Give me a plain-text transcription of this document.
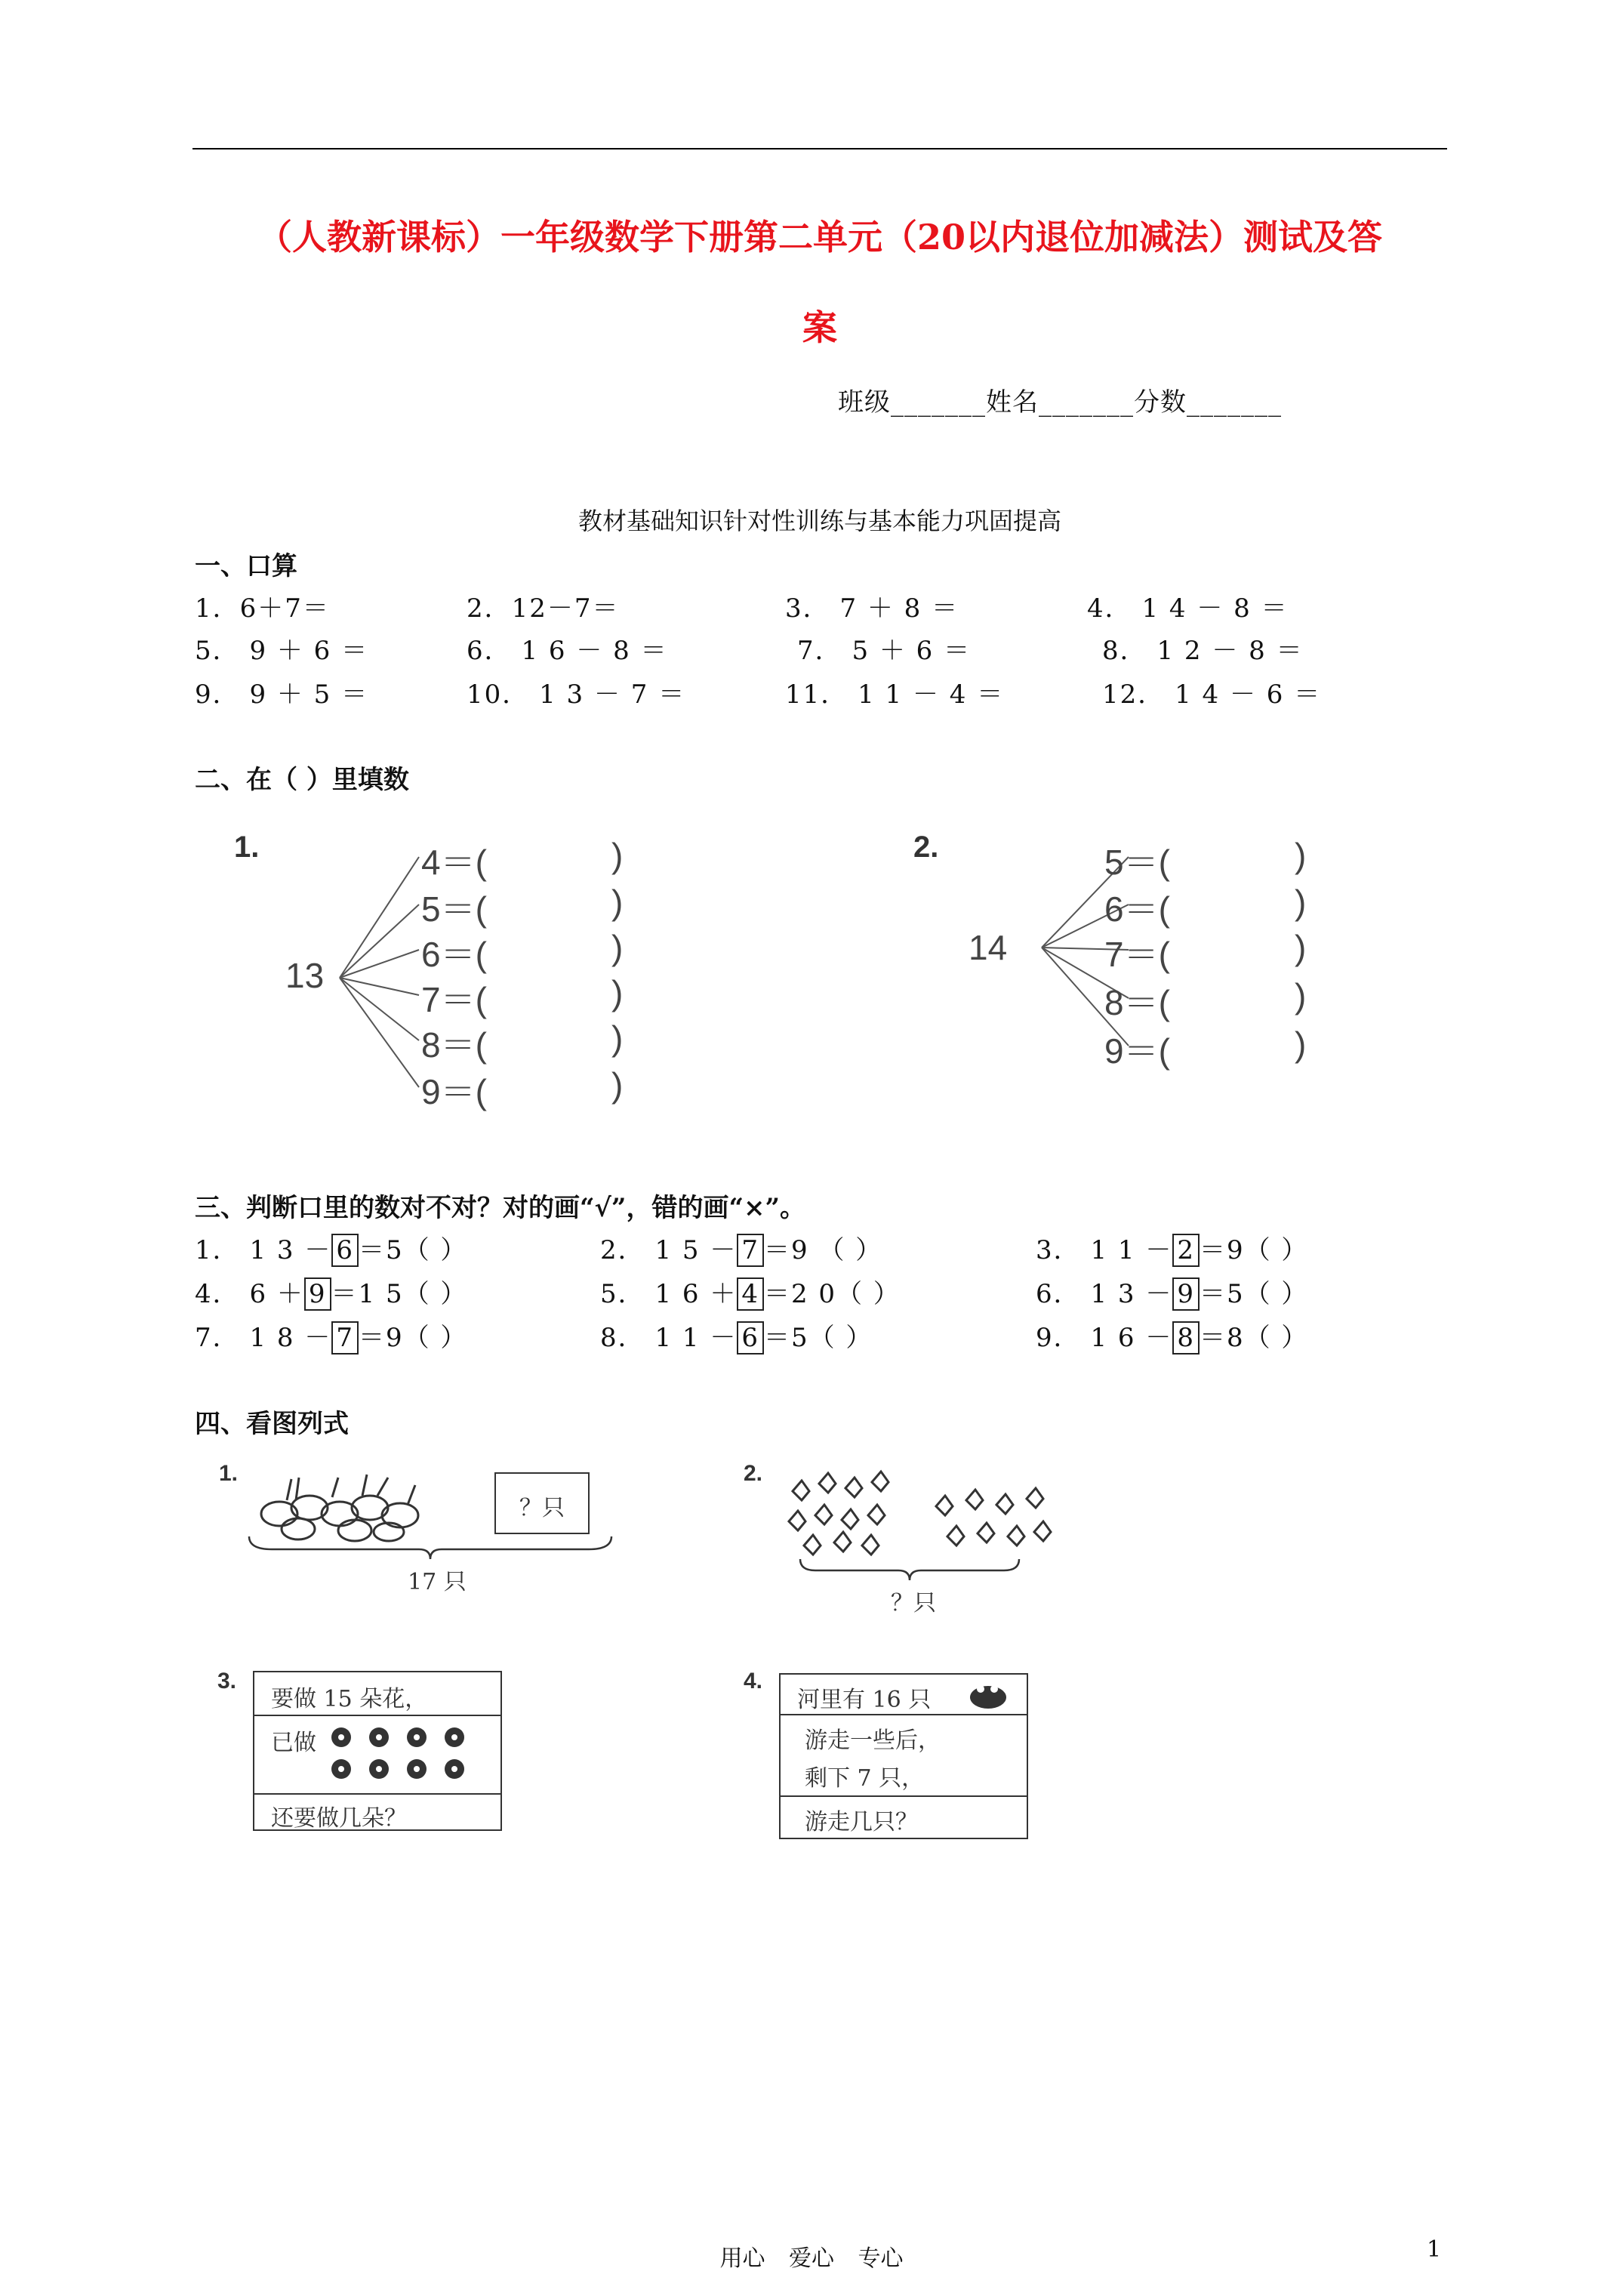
（人教新课标）一年级数学下册第二单元（20以内退位加减法）测试及答
案
班级_______姓名_______分数_______
教材基础知识针对性训练与基本能力巩固提高
一、口算
1．6＋7＝	2．12－7＝	3． 7 ＋ 8 ＝	4． 1 4 － 8 ＝
5． 9 ＋ 6 ＝	6． 1 6 － 8 ＝	7． 5 ＋ 6 ＝	8． 1 2 － 8 ＝
9． 9 ＋ 5 ＝	10． 1 3 － 7 ＝	11． 1 1 － 4 ＝	12． 1 4 － 6 ＝
二、在（ ）里填数
1.
13
4＝(
5＝(
6＝(
7＝(
8＝(
9＝(
)
)
)
)
)
)
2.
14
5＝(
6＝(
7＝(
8＝(
9＝(
)
)
)
)
)
三、判断口里的数对不对？对的画“√”，错的画“×”。
1． 1 3 － 6 ＝5（ ）	2． 1 5 － 7 ＝9 （ ）	3． 1 1 － 2 ＝9（ ）
4． 6 ＋ 9 ＝1 5（ ）	5． 1 6 ＋ 4 ＝2 0（ ）	6． 1 3 － 9 ＝5（ ）
7． 1 8 － 7 ＝9（ ）	8． 1 1 － 6 ＝5（ ）	9． 1 6 － 8 ＝8（ ）
四、看图列式
1.
？只
17 只
2.
？只
3.
要做 15 朵花，
已做
还要做几朵？
4.
河里有 16 只
游走一些后，
剩下 7 只，
游走几只？
用心 爱心 专心	1
